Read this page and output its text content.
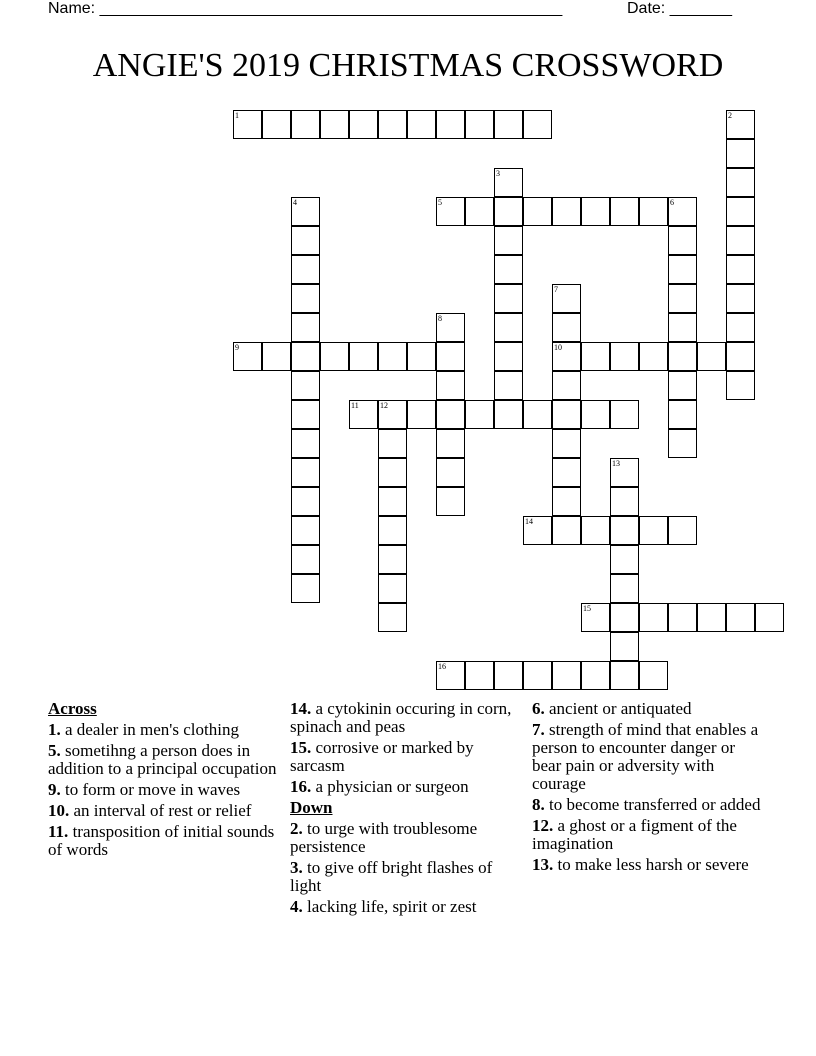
Name: ____________________________________________________	Date: _______
ANGIE'S 2019 CHRISTMAS CROSSWORD
1	2
3
4	5	6
7
10
8
9
11	12
13
14
15
16
Across
1. a dealer in men's clothing
5. sometihng a person does in addition to a principal occupation
9. to form or move in waves
10. an interval of rest or relief
11. transposition of initial sounds of words
14. a cytokinin occuring in corn, spinach and peas
15. corrosive or marked by sarcasm
16. a physician or surgeon
Down
2. to urge with troublesome persistence
3. to give off bright flashes of light
4. lacking life, spirit or zest
6. ancient or antiquated
7. strength of mind that enables a person to encounter danger or bear pain or adversity with courage
8. to become transferred or added
12. a ghost or a figment of the imagination
13. to make less harsh or severe
